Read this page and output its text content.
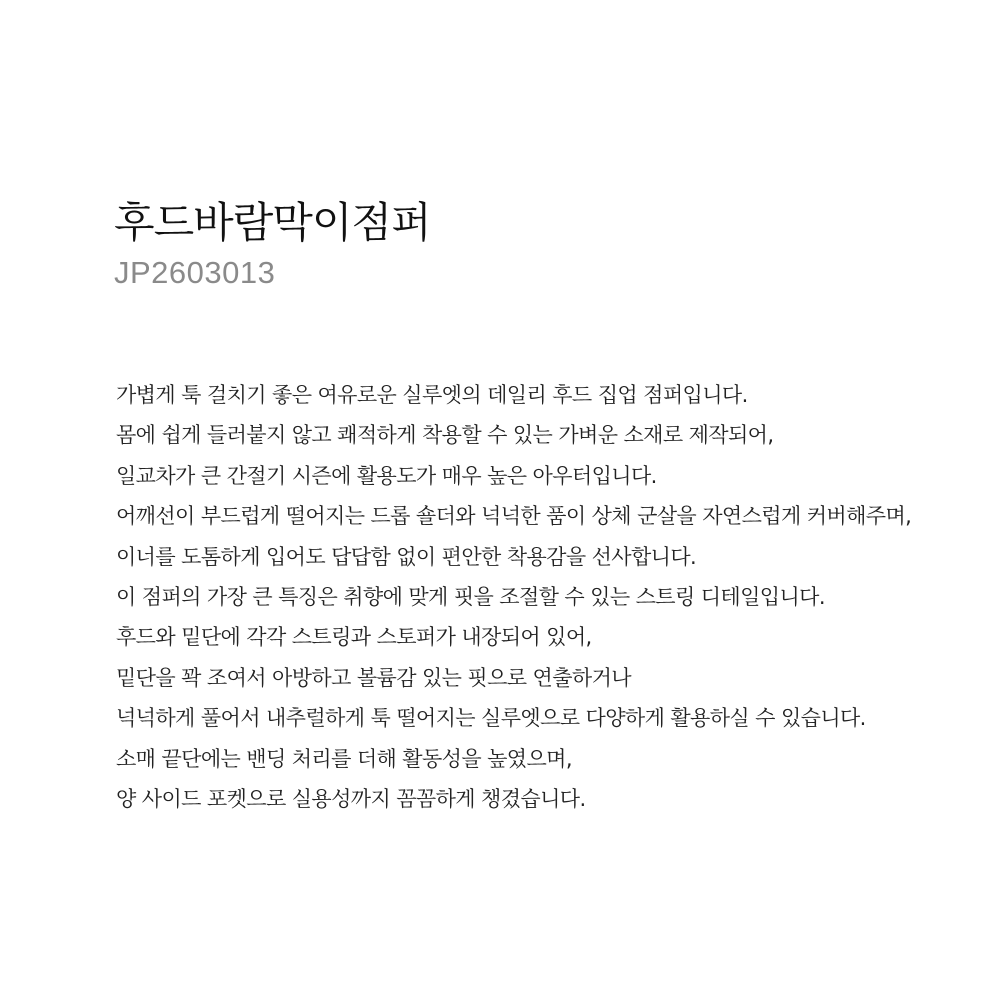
후드바람막이점퍼

JP2603013

가볍게 툭 걸치기 좋은 여유로운 실루엣의 데일리 후드 집업 점퍼입니다.

몸에 쉽게 들러붙지 않고 쾌적하게 착용할 수 있는 가벼운 소재로 제작되어,

일교차가 큰 간절기 시즌에 활용도가 매우 높은 아우터입니다.

어깨선이 부드럽게 떨어지는 드롭 숄더와 넉넉한 품이 상체 군살을 자연스럽게 커버해주며,

이너를 도톰하게 입어도 답답함 없이 편안한 착용감을 선사합니다.

이 점퍼의 가장 큰 특징은 취향에 맞게 핏을 조절할 수 있는 스트링 디테일입니다.

후드와 밑단에 각각 스트링과 스토퍼가 내장되어 있어,

밑단을 꽉 조여서 아방하고 볼륨감 있는 핏으로 연출하거나

넉넉하게 풀어서 내추럴하게 툭 떨어지는 실루엣으로 다양하게 활용하실 수 있습니다.

소매 끝단에는 밴딩 처리를 더해 활동성을 높였으며,

양 사이드 포켓으로 실용성까지 꼼꼼하게 챙겼습니다.
